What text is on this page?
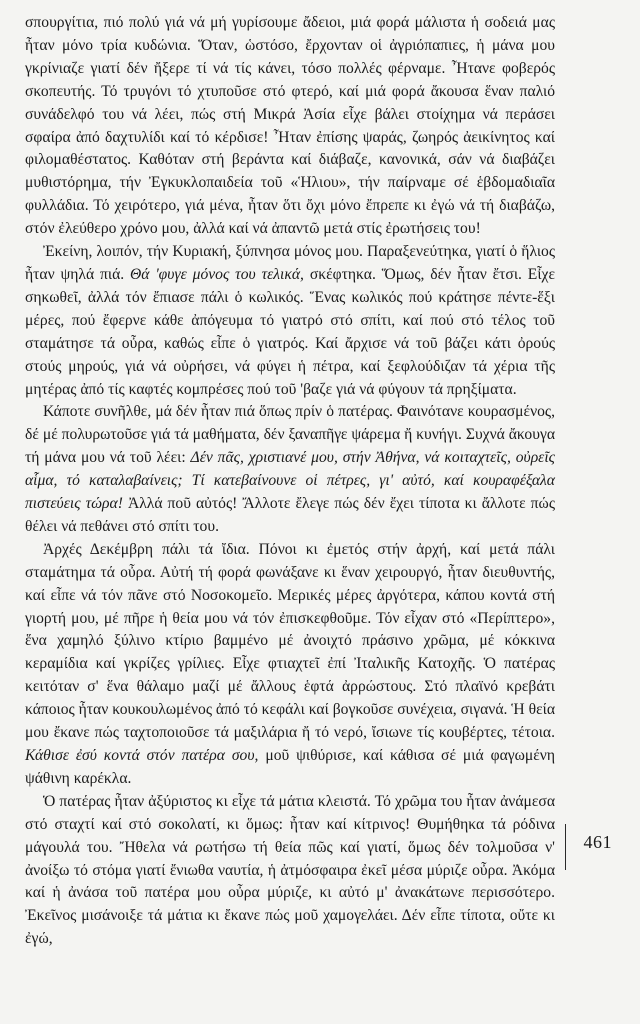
σπουργίτια, πιό πολύ γιά νά μή γυρίσουμε ἄδειοι, μιά φορά μάλιστα ἡ σοδειά μας ἦταν μόνο τρία κυδώνια. Ὅταν, ὡστόσο, ἔρχονταν οἱ ἀγριόπαπιες, ἡ μάνα μου γκρίνιαζε γιατί δέν ἤξερε τί νά τίς κάνει, τόσο πολλές φέρναμε. Ἦτανε φοβερός σκοπευτής. Τό τρυγόνι τό χτυποῦσε στό φτερό, καί μιά φορά ἄκουσα ἕναν παλιό συνάδελφό του νά λέει, πώς στή Μικρά Ἀσία εἶχε βάλει στοίχημα νά περάσει σφαίρα ἀπό δαχτυλίδι καί τό κέρδισε! Ἦταν ἐπίσης ψαράς, ζωηρός ἀεικίνητος καί φιλομαθέστατος. Καθόταν στή βεράντα καί διάβαζε, κανονικά, σάν νά διαβάζει μυθιστόρημα, τήν Ἐγκυκλοπαιδεία τοῦ «Ἡλιου», τήν παίρναμε σέ ἑβδομαδιαῖα φυλλάδια. Τό χειρότερο, γιά μένα, ἦταν ὅτι ὄχι μόνο ἔπρεπε κι ἐγώ νά τή διαβάζω, στόν ἐλεύθερο χρόνο μου, ἀλλά καί νά ἀπαντῶ μετά στίς ἐρωτήσεις του!

Ἐκείνη, λοιπόν, τήν Κυριακή, ξύπνησα μόνος μου. Παραξενεύτηκα, γιατί ὁ ἥλιος ἦταν ψηλά πιά. Θά 'φυγε μόνος του τελικά, σκέφτηκα. Ὅμως, δέν ἦταν ἔτσι. Εἶχε σηκωθεῖ, ἀλλά τόν ἔπιασε πάλι ὁ κωλικός. Ἕνας κωλικός πού κράτησε πέντε-ἕξι μέρες, πού ἔφερνε κάθε ἀπόγευμα τό γιατρό στό σπίτι, καί πού στό τέλος τοῦ σταμάτησε τά οὖρα, καθώς εἶπε ὁ γιατρός. Καί ἄρχισε νά τοῦ βάζει κάτι ὀρούς στούς μηρούς, γιά νά οὐρήσει, νά φύγει ἡ πέτρα, καί ξεφλούδιζαν τά χέρια τῆς μητέρας ἀπό τίς καφτές κομπρέσες πού τοῦ 'βαζε γιά νά φύγουν τά πρηξίματα.

Κάποτε συνῆλθε, μά δέν ἦταν πιά ὅπως πρίν ὁ πατέρας. Φαινότανε κουρασμένος, δέ μέ πολυρωτοῦσε γιά τά μαθήματα, δέν ξαναπῆγε ψάρεμα ἤ κυνήγι. Συχνά ἄκουγα τή μάνα μου νά τοῦ λέει: Δέν πᾶς, χριστιανέ μου, στήν Ἀθήνα, νά κοιταχτεῖς, οὐρεῖς αἷμα, τό καταλαβαίνεις; Τί κατεβαίνουνε οἱ πέτρες, γι' αὐτό, καί κουραφέξαλα πιστεύεις τώρα! Ἀλλά ποῦ αὐτός! Ἄλλοτε ἔλεγε πώς δέν ἔχει τίποτα κι ἄλλοτε πώς θέλει νά πεθάνει στό σπίτι του.

Ἀρχές Δεκέμβρη πάλι τά ἴδια. Πόνοι κι ἐμετός στήν ἀρχή, καί μετά πάλι σταμάτημα τά οὖρα. Αὐτή τή φορά φωνάξανε κι ἕναν χειρουργό, ἦταν διευθυντής, καί εἶπε νά τόν πᾶνε στό Νοσοκομεῖο. Μερικές μέρες ἀργότερα, κάπου κοντά στή γιορτή μου, μέ πῆρε ἡ θεία μου νά τόν ἐπισκεφθοῦμε. Τόν εἶχαν στό «Περίπτερο», ἕνα χαμηλό ξύλινο κτίριο βαμμένο μέ ἀνοιχτό πράσινο χρῶμα, μέ κόκκινα κεραμίδια καί γκρίζες γρίλιες. Εἶχε φτιαχτεῖ ἐπί Ἰταλικῆς Κατοχῆς. Ὁ πατέρας κειτόταν σ' ἕνα θάλαμο μαζί μέ ἄλλους ἑφτά ἀρρώστους. Στό πλαϊνό κρεβάτι κάποιος ἦταν κουκουλωμένος ἀπό τό κεφάλι καί βογκοῦσε συνέχεια, σιγανά. Ἡ θεία μου ἔκανε πώς ταχτοποιοῦσε τά μαξιλάρια ἤ τό νερό, ἴσιωνε τίς κουβέρτες, τέτοια. Κάθισε ἐσύ κοντά στόν πατέρα σου, μοῦ ψιθύρισε, καί κάθισα σέ μιά φαγωμένη ψάθινη καρέκλα.

Ὁ πατέρας ἦταν ἀξύριστος κι εἶχε τά μάτια κλειστά. Τό χρῶμα του ἦταν ἀνάμεσα στό σταχτί καί στό σοκολατί, κι ὅμως: ἦταν καί κίτρινος! Θυμήθηκα τά ρόδινα μάγουλά του. Ἤθελα νά ρωτήσω τή θεία πῶς καί γιατί, ὅμως δέν τολμοῦσα ν' ἀνοίξω τό στόμα γιατί ἔνιωθα ναυτία, ἡ ἀτμόσφαιρα ἐκεῖ μέσα μύριζε οὖρα. Ἀκόμα καί ἡ ἀνάσα τοῦ πατέρα μου οὖρα μύριζε, κι αὐτό μ' ἀνακάτωνε περισσότερο. Ἐκεῖνος μισάνοιξε τά μάτια κι ἔκανε πώς μοῦ χαμογελάει. Δέν εἶπε τίποτα, οὔτε κι ἐγώ,

461
